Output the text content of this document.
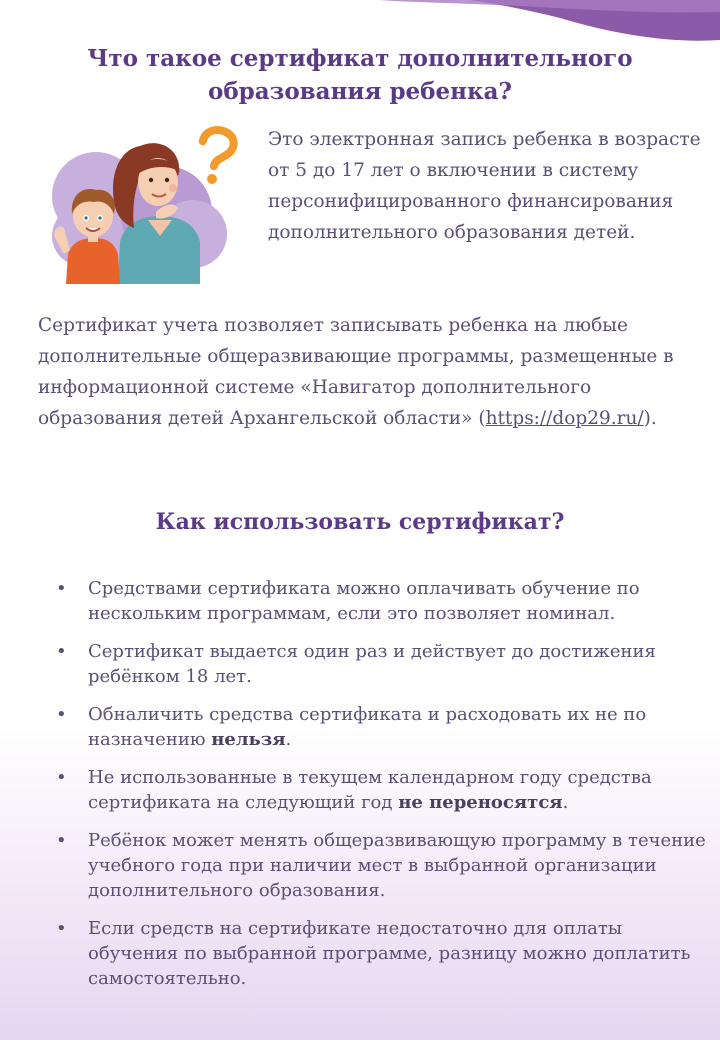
Что такое сертификат дополнительного
образования ребенка?
Это электронная запись ребенка в возрасте от 5 до 17 лет о включении в систему персонифицированного финансирования дополнительного образования детей.
Сертификат учета позволяет записывать ребенка на любые дополнительные общеразвивающие программы, размещенные в информационной системе «Навигатор дополнительного образования детей Архангельской области» (https://dop29.ru/).
Как использовать сертификат?
• Средствами сертификата можно оплачивать обучение по нескольким программам, если это позволяет номинал.
• Сертификат выдается один раз и действует до достижения ребёнком 18 лет.
• Обналичить средства сертификата и расходовать их не по назначению нельзя.
• Не использованные в текущем календарном году средства сертификата на следующий год не переносятся.
• Ребёнок может менять общеразвивающую программу в течение учебного года при наличии мест в выбранной организации дополнительного образования.
• Если средств на сертификате недостаточно для оплаты обучения по выбранной программе, разницу можно доплатить самостоятельно.
